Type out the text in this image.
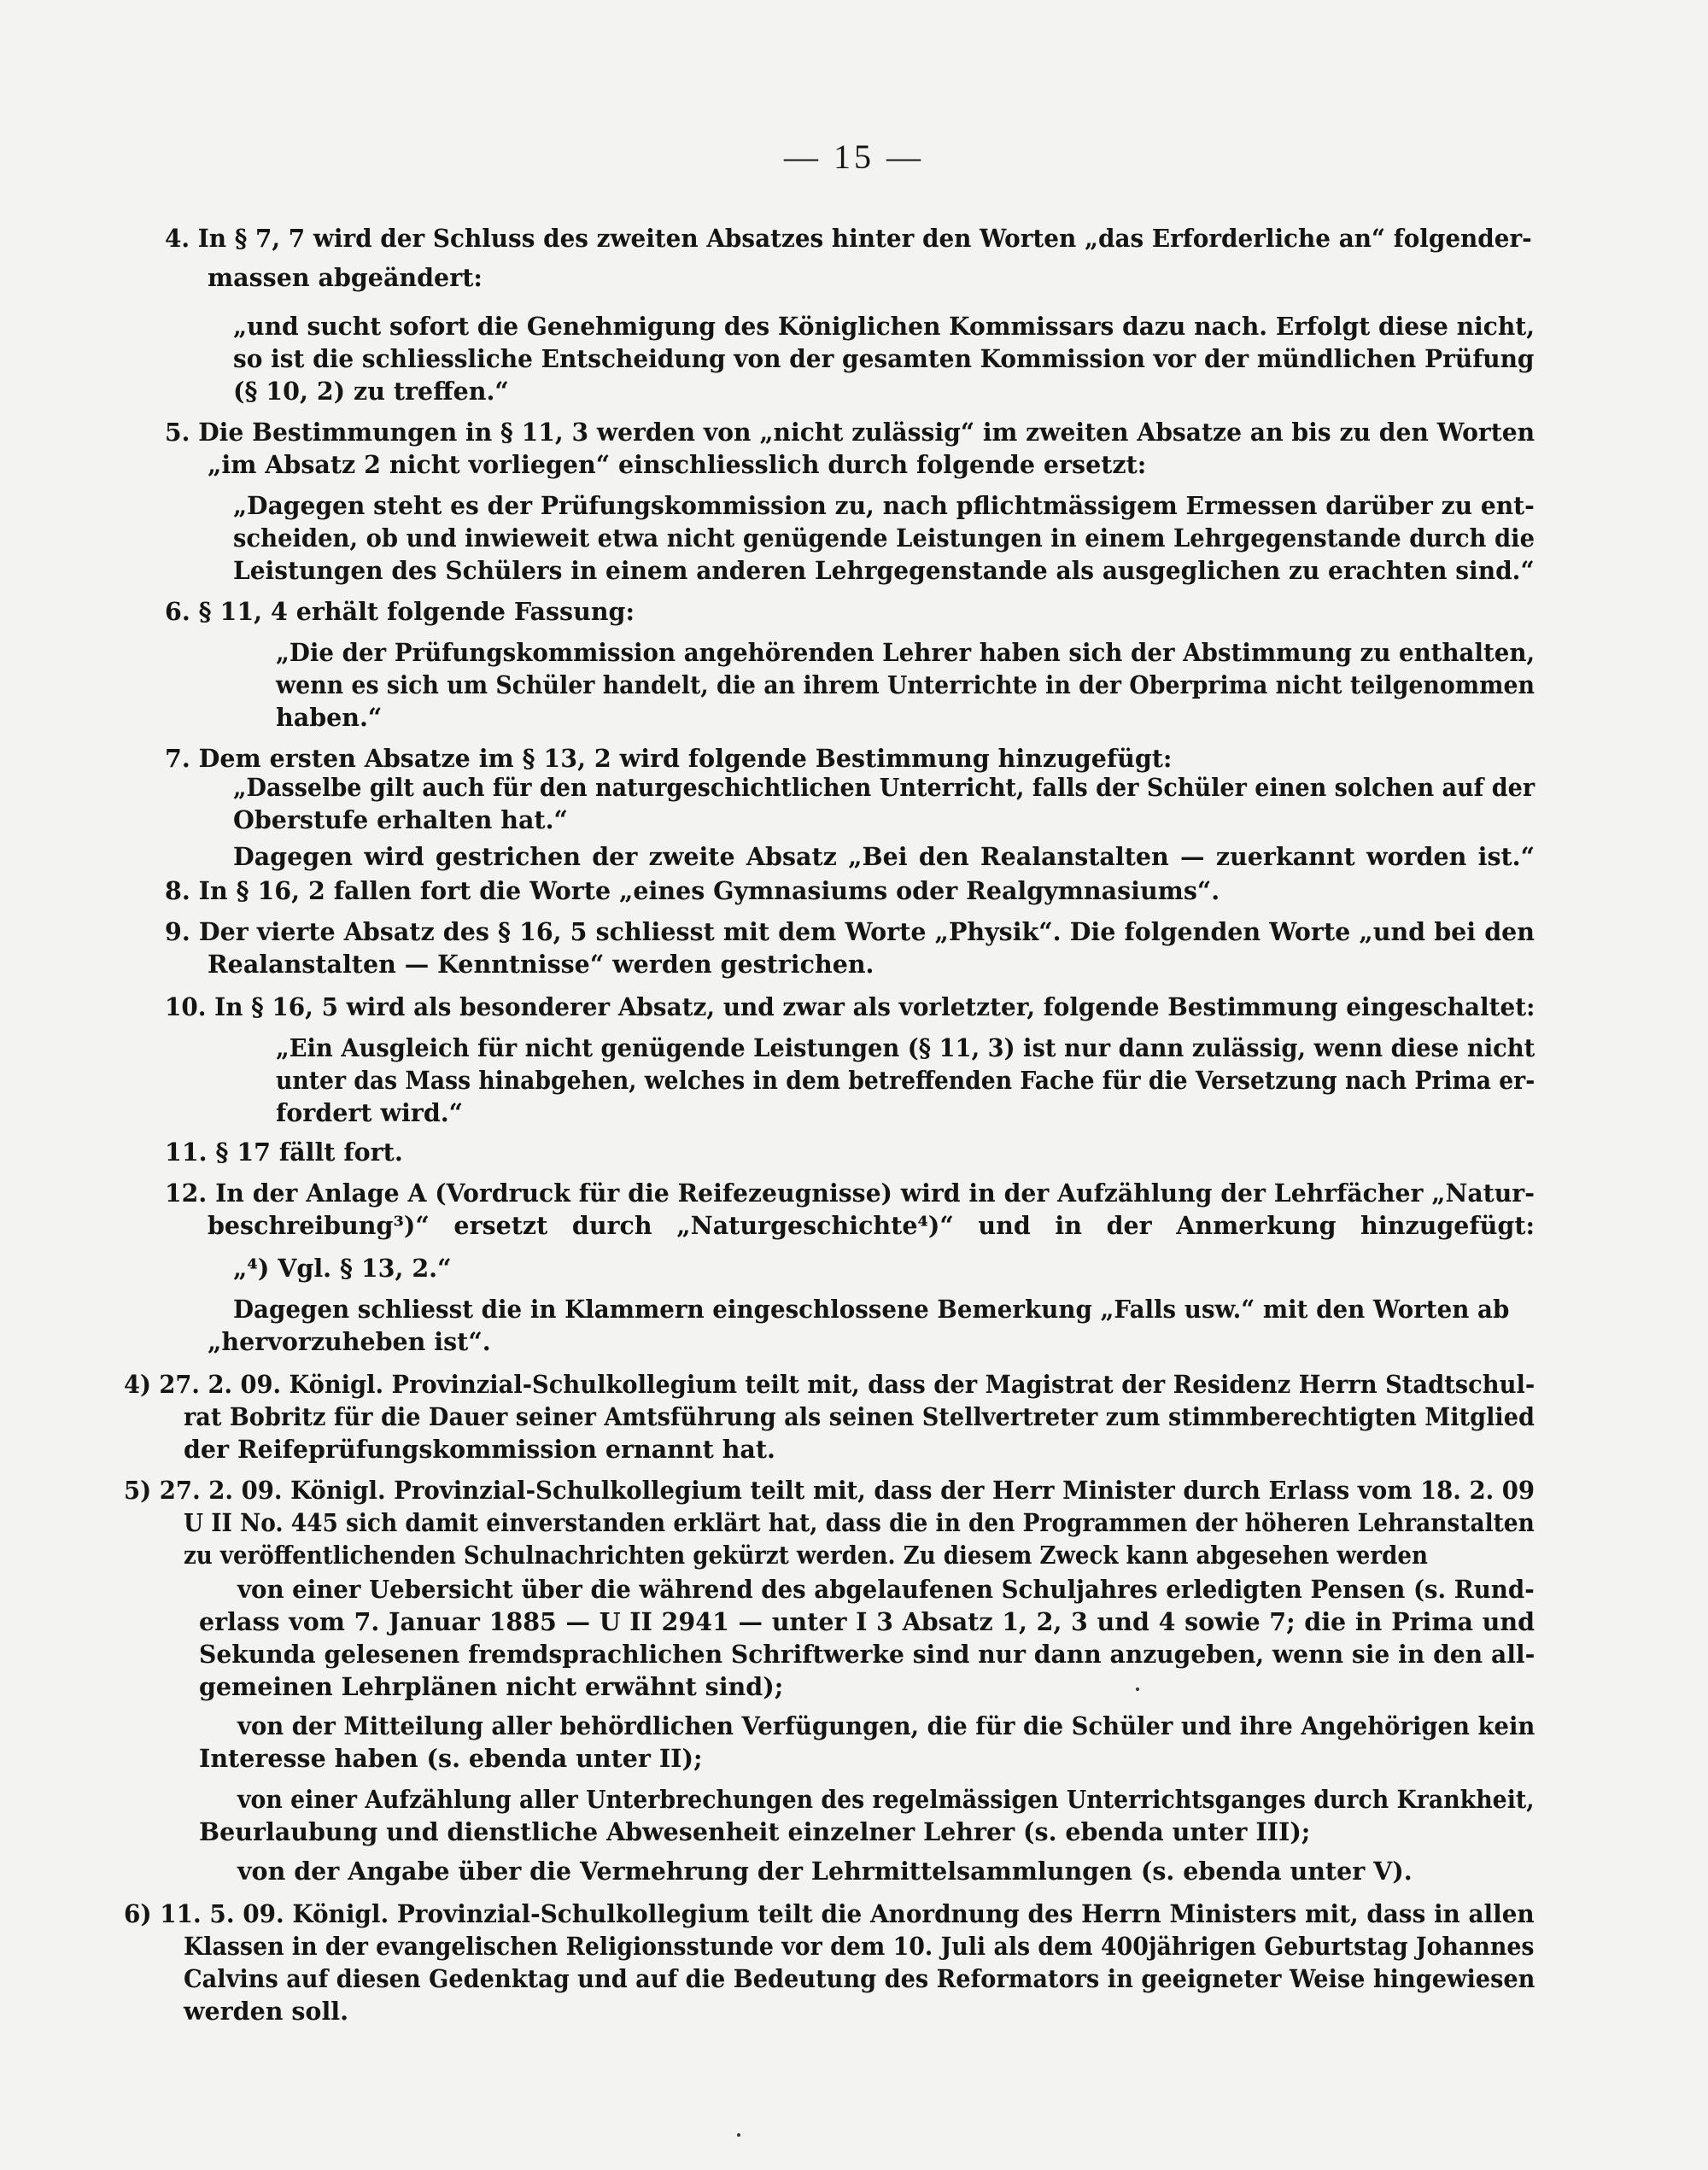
— 15 —
4. In § 7, 7 wird der Schluss des zweiten Absatzes hinter den Worten „das Erforderliche an“ folgender-
massen abgeändert:
„und sucht sofort die Genehmigung des Königlichen Kommissars dazu nach. Erfolgt diese nicht,
so ist die schliessliche Entscheidung von der gesamten Kommission vor der mündlichen Prüfung
(§ 10, 2) zu treffen.“
5. Die Bestimmungen in § 11, 3 werden von „nicht zulässig“ im zweiten Absatze an bis zu den Worten
„im Absatz 2 nicht vorliegen“ einschliesslich durch folgende ersetzt:
„Dagegen steht es der Prüfungskommission zu, nach pflichtmässigem Ermessen darüber zu ent-
scheiden, ob und inwieweit etwa nicht genügende Leistungen in einem Lehrgegenstande durch die
Leistungen des Schülers in einem anderen Lehrgegenstande als ausgeglichen zu erachten sind.“
6. § 11, 4 erhält folgende Fassung:
„Die der Prüfungskommission angehörenden Lehrer haben sich der Abstimmung zu enthalten,
wenn es sich um Schüler handelt, die an ihrem Unterrichte in der Oberprima nicht teilgenommen
haben.“
7. Dem ersten Absatze im § 13, 2 wird folgende Bestimmung hinzugefügt:
„Dasselbe gilt auch für den naturgeschichtlichen Unterricht, falls der Schüler einen solchen auf der
Oberstufe erhalten hat.“
Dagegen wird gestrichen der zweite Absatz „Bei den Realanstalten — zuerkannt worden ist.“
8. In § 16, 2 fallen fort die Worte „eines Gymnasiums oder Realgymnasiums“.
9. Der vierte Absatz des § 16, 5 schliesst mit dem Worte „Physik“. Die folgenden Worte „und bei den
Realanstalten — Kenntnisse“ werden gestrichen.
10. In § 16, 5 wird als besonderer Absatz, und zwar als vorletzter, folgende Bestimmung eingeschaltet:
„Ein Ausgleich für nicht genügende Leistungen (§ 11, 3) ist nur dann zulässig, wenn diese nicht
unter das Mass hinabgehen, welches in dem betreffenden Fache für die Versetzung nach Prima er-
fordert wird.“
11. § 17 fällt fort.
12. In der Anlage A (Vordruck für die Reifezeugnisse) wird in der Aufzählung der Lehrfächer „Natur-
beschreibung³)“ ersetzt durch „Naturgeschichte⁴)“ und in der Anmerkung hinzugefügt:
„⁴) Vgl. § 13, 2.“
Dagegen schliesst die in Klammern eingeschlossene Bemerkung „Falls usw.“ mit den Worten ab
„hervorzuheben ist“.
4) 27. 2. 09. Königl. Provinzial-Schulkollegium teilt mit, dass der Magistrat der Residenz Herrn Stadtschul-
rat Bobritz für die Dauer seiner Amtsführung als seinen Stellvertreter zum stimmberechtigten Mitglied
der Reifeprüfungskommission ernannt hat.
5) 27. 2. 09. Königl. Provinzial-Schulkollegium teilt mit, dass der Herr Minister durch Erlass vom 18. 2. 09
U II No. 445 sich damit einverstanden erklärt hat, dass die in den Programmen der höheren Lehranstalten
zu veröffentlichenden Schulnachrichten gekürzt werden. Zu diesem Zweck kann abgesehen werden
von einer Uebersicht über die während des abgelaufenen Schuljahres erledigten Pensen (s. Rund-
erlass vom 7. Januar 1885 — U II 2941 — unter I 3 Absatz 1, 2, 3 und 4 sowie 7; die in Prima und
Sekunda gelesenen fremdsprachlichen Schriftwerke sind nur dann anzugeben, wenn sie in den all-
gemeinen Lehrplänen nicht erwähnt sind);
von der Mitteilung aller behördlichen Verfügungen, die für die Schüler und ihre Angehörigen kein
Interesse haben (s. ebenda unter II);
von einer Aufzählung aller Unterbrechungen des regelmässigen Unterrichtsganges durch Krankheit,
Beurlaubung und dienstliche Abwesenheit einzelner Lehrer (s. ebenda unter III);
von der Angabe über die Vermehrung der Lehrmittelsammlungen (s. ebenda unter V).
6) 11. 5. 09. Königl. Provinzial-Schulkollegium teilt die Anordnung des Herrn Ministers mit, dass in allen
Klassen in der evangelischen Religionsstunde vor dem 10. Juli als dem 400jährigen Geburtstag Johannes
Calvins auf diesen Gedenktag und auf die Bedeutung des Reformators in geeigneter Weise hingewiesen
werden soll.
